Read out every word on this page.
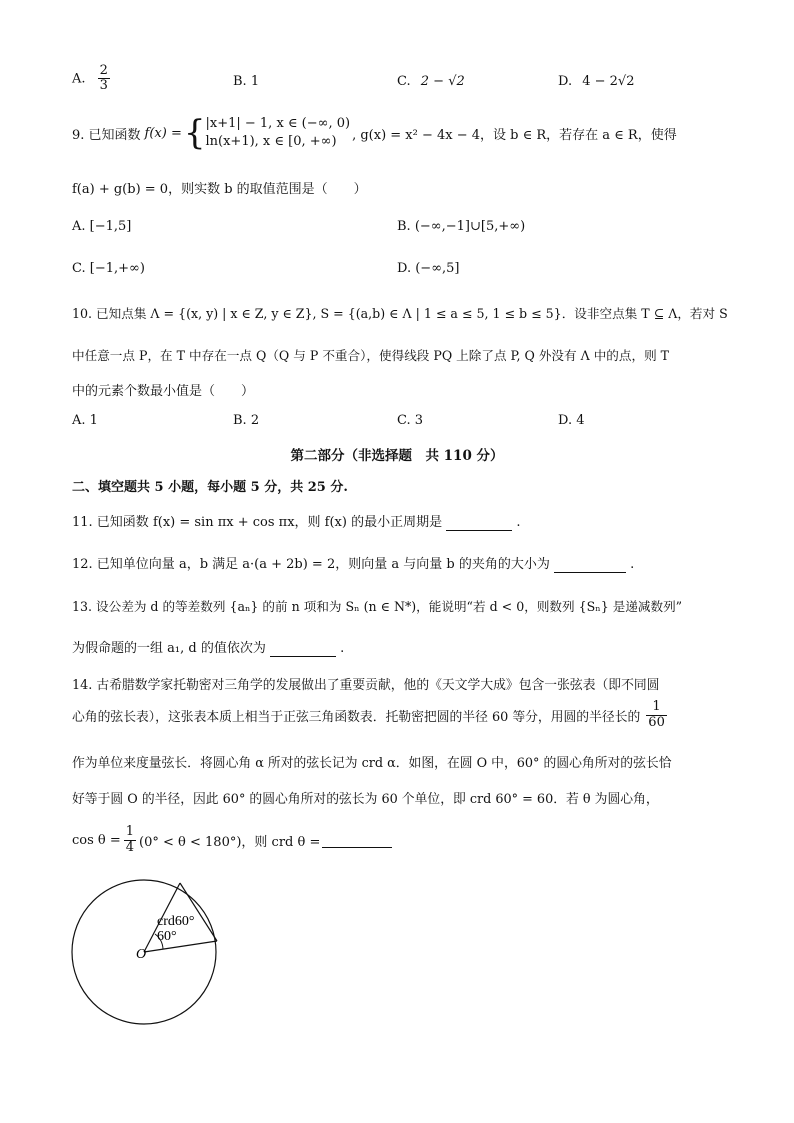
A. $\frac{2}{3}$	B. 1	C. 2 − √2	D. 4 − 2√2
9. 已知函数 f(x) = { |x+1| − 1, x ∈ (−∞, 0)
ln(x+1), x ∈ [0, +∞)	, g(x) = x² − 4x − 4，设 b ∈ R，若存在 a ∈ R，使得
f(a) + g(b) = 0，则实数 b 的取值范围是（　　）
A. [−1,5]	B. (−∞,−1]∪[5,+∞)
C. [−1,+∞)	D. (−∞,5]
10. 已知点集 Λ = {(x, y) | x ∈ Z, y ∈ Z}, S = {(a,b) ∈ Λ | 1 ≤ a ≤ 5, 1 ≤ b ≤ 5}．设非空点集 T ⊆ Λ，若对 S
中任意一点 P，在 T 中存在一点 Q（Q 与 P 不重合），使得线段 PQ 上除了点 P, Q 外没有 Λ 中的点，则 T
中的元素个数最小值是（　　）
A. 1	B. 2	C. 3	D. 4
第二部分（非选择题　共 110 分）
二、填空题共 5 小题，每小题 5 分，共 25 分.
11. 已知函数 f(x) = sin πx + cos πx，则 f(x) 的最小正周期是	.
12. 已知单位向量 a，b 满足 a·(a + 2b) = 2，则向量 a 与向量 b 的夹角的大小为	.
13. 设公差为 d 的等差数列 {aₙ} 的前 n 项和为 Sₙ (n ∈ N*)，能说明“若 d < 0，则数列 {Sₙ} 是递减数列”
为假命题的一组 a₁, d 的值依次为	.
14. 古希腊数学家托勒密对三角学的发展做出了重要贡献，他的《天文学大成》包含一张弦表（即不同圆
心角的弦长表），这张表本质上相当于正弦三角函数表．托勒密把圆的半径 60 等分，用圆的半径长的 $\frac{1}{60}$
作为单位来度量弦长．将圆心角 α 所对的弦长记为 crd α．如图，在圆 O 中，60° 的圆心角所对的弦长恰
好等于圆 O 的半径，因此 60° 的圆心角所对的弦长为 60 个单位，即 crd 60° = 60．若 θ 为圆心角，
$\cos \theta = \frac{1}{4} (0^\circ < \theta < 180^\circ)$，则 crd θ =

crd60°
60°
O
